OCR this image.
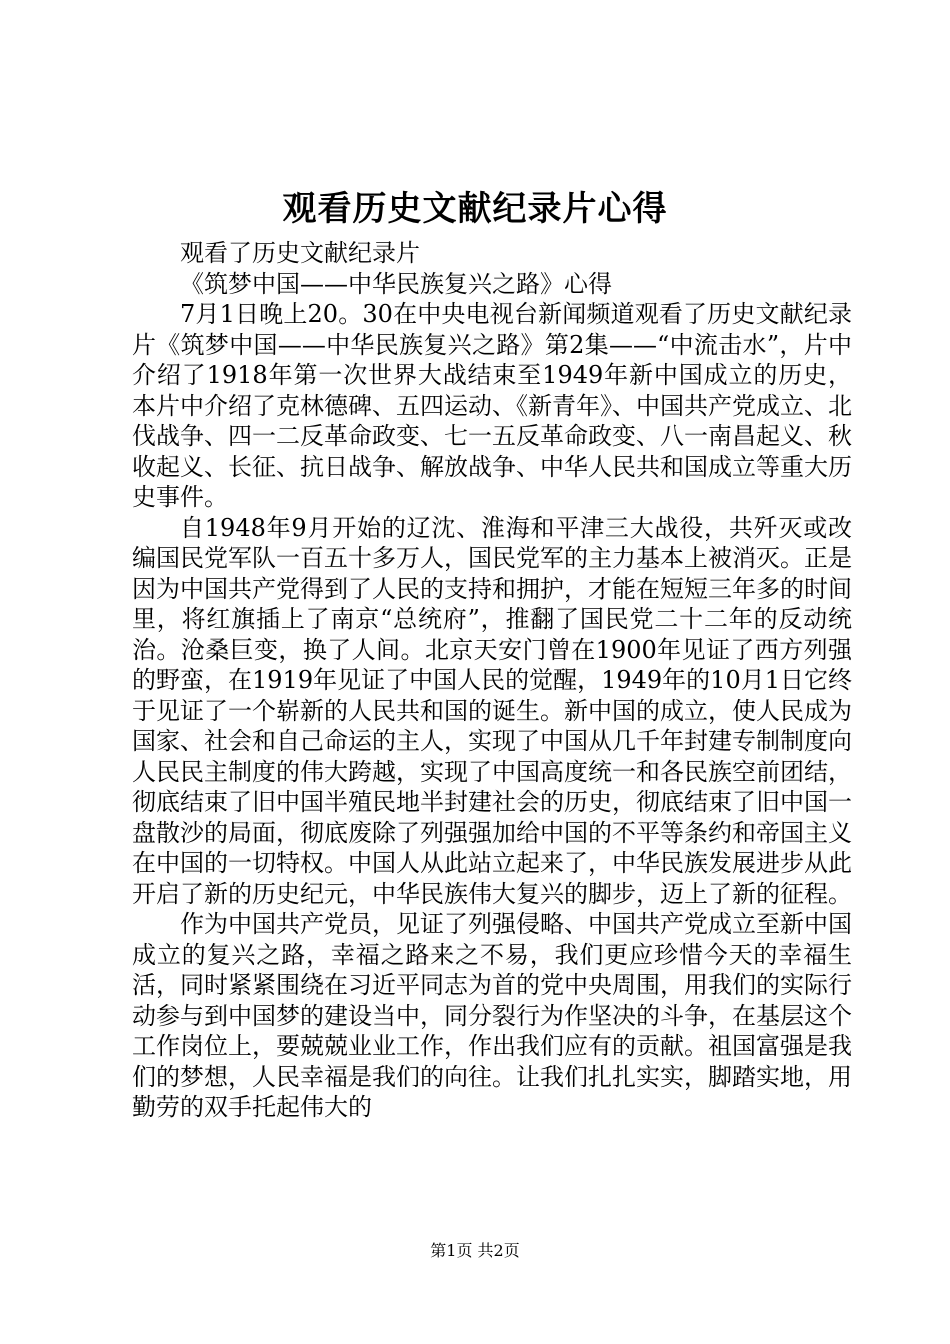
观看历史文献纪录片心得

观看了历史文献纪录片

《筑梦中国——中华民族复兴之路》心得

7月1日晚上20。30在中央电视台新闻频道观看了历史文献纪录片《筑梦中国——中华民族复兴之路》第2集——“中流击水”，片中介绍了1918年第一次世界大战结束至1949年新中国成立的历史，本片中介绍了克林德碑、五四运动、《新青年》、中国共产党成立、北伐战争、四一二反革命政变、七一五反革命政变、八一南昌起义、秋收起义、长征、抗日战争、解放战争、中华人民共和国成立等重大历史事件。

自1948年9月开始的辽沈、淮海和平津三大战役，共歼灭或改编国民党军队一百五十多万人，国民党军的主力基本上被消灭。正是因为中国共产党得到了人民的支持和拥护，才能在短短三年多的时间里，将红旗插上了南京“总统府”，推翻了国民党二十二年的反动统治。沧桑巨变，换了人间。北京天安门曾在1900年见证了西方列强的野蛮，在1919年见证了中国人民的觉醒，1949年的10月1日它终于见证了一个崭新的人民共和国的诞生。新中国的成立，使人民成为国家、社会和自己命运的主人，实现了中国从几千年封建专制制度向人民民主制度的伟大跨越，实现了中国高度统一和各民族空前团结，彻底结束了旧中国半殖民地半封建社会的历史，彻底结束了旧中国一盘散沙的局面，彻底废除了列强强加给中国的不平等条约和帝国主义在中国的一切特权。中国人从此站立起来了，中华民族发展进步从此开启了新的历史纪元，中华民族伟大复兴的脚步，迈上了新的征程。

作为中国共产党员，见证了列强侵略、中国共产党成立至新中国成立的复兴之路，幸福之路来之不易，我们更应珍惜今天的幸福生活，同时紧紧围绕在习近平同志为首的党中央周围，用我们的实际行动参与到中国梦的建设当中，同分裂行为作坚决的斗争，在基层这个工作岗位上，要兢兢业业工作，作出我们应有的贡献。祖国富强是我们的梦想，人民幸福是我们的向往。让我们扎扎实实，脚踏实地，用勤劳的双手托起伟大的

第1页 共2页
